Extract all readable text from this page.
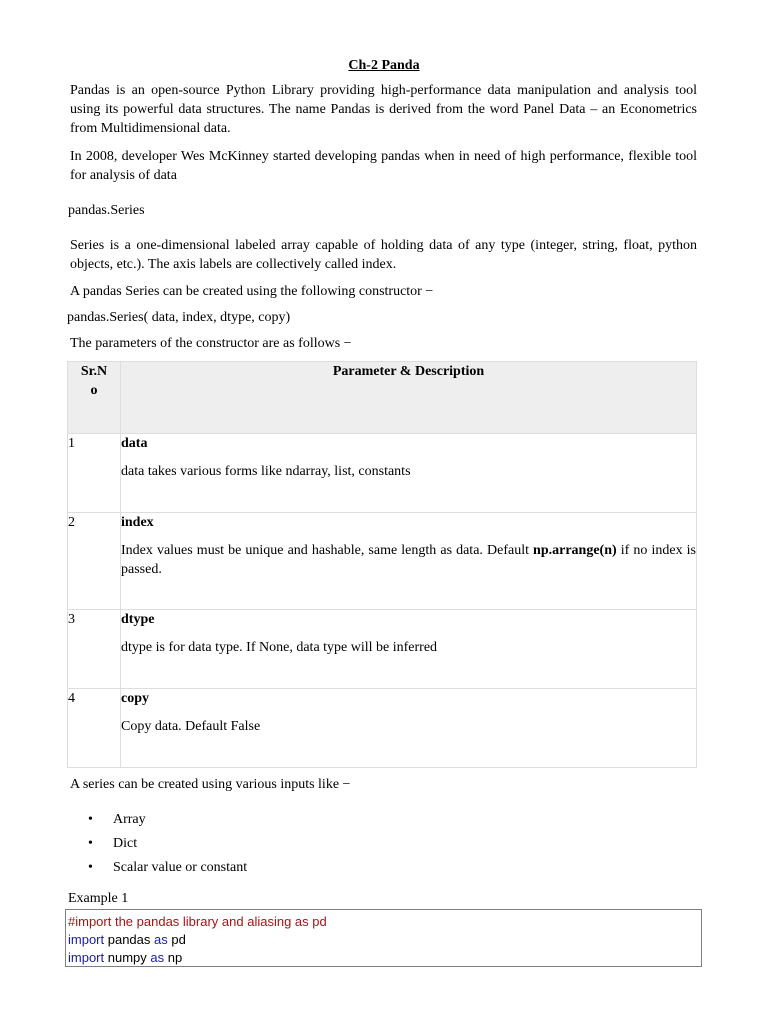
Ch-2 Panda
Pandas is an open-source Python Library providing high-performance data manipulation and analysis tool using its powerful data structures. The name Pandas is derived from the word Panel Data – an Econometrics from Multidimensional data.
In 2008, developer Wes McKinney started developing pandas when in need of high performance, flexible tool for analysis of data
pandas.Series
Series is a one-dimensional labeled array capable of holding data of any type (integer, string, float, python objects, etc.). The axis labels are collectively called index.
A pandas Series can be created using the following constructor −
pandas.Series( data, index, dtype, copy)
The parameters of the constructor are as follows −
Sr.N
o	Parameter & Description
1	data
data takes various forms like ndarray, list, constants

2	index
Index values must be unique and hashable, same length as data. Default np.arrange(n) if no index is passed.

3	dtype
dtype is for data type. If None, data type will be inferred

4	copy
Copy data. Default False
A series can be created using various inputs like −
• Array
• Dict
• Scalar value or constant
Example 1
#import the pandas library and aliasing as pd
import pandas as pd
import numpy as np
